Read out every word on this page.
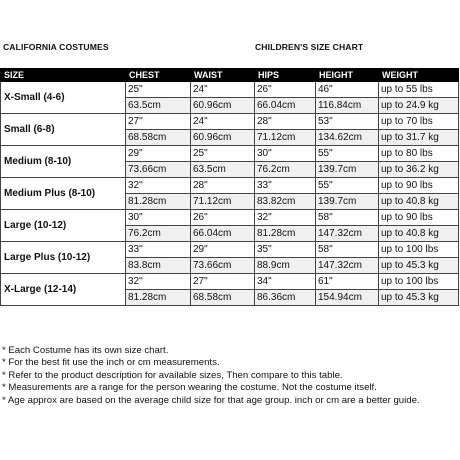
CALIFORNIA COSTUMES	CHILDREN'S SIZE CHART
SIZE	CHEST	WAIST	HIPS	HEIGHT	WEIGHT
X-Small (4-6)	25"	24"	26"	46"	up to 55 lbs
	63.5cm	60.96cm	66.04cm	116.84cm	up to 24.9 kg
Small (6-8)	27"	24"	28"	53"	up to 70 lbs
	68.58cm	60.96cm	71.12cm	134.62cm	up to 31.7 kg
Medium (8-10)	29"	25"	30"	55"	up to 80 lbs
	73.66cm	63.5cm	76.2cm	139.7cm	up to 36.2 kg
Medium Plus (8-10)	32"	28"	33"	55"	up to 90 lbs
	81.28cm	71.12cm	83.82cm	139.7cm	up to 40.8 kg
Large (10-12)	30"	26"	32"	58"	up to 90 lbs
	76.2cm	66.04cm	81.28cm	147.32cm	up to 40.8 kg
Large Plus (10-12)	33"	29"	35"	58"	up to 100 lbs
	83.8cm	73.66cm	88.9cm	147.32cm	up to 45.3 kg
X-Large (12-14)	32"	27"	34"	61"	up to 100 lbs
	81.28cm	68.58cm	86.36cm	154.94cm	up to 45.3 kg
* Each Costume has its own size chart.
* For the best fit use the inch or cm measurements.
* Refer to the product description for available sizes, Then compare to this table.
* Measurements are a range for the person wearing the costume. Not the costume itself.
* Age approx are based on the average child size for that age group. inch or cm are a better guide.
